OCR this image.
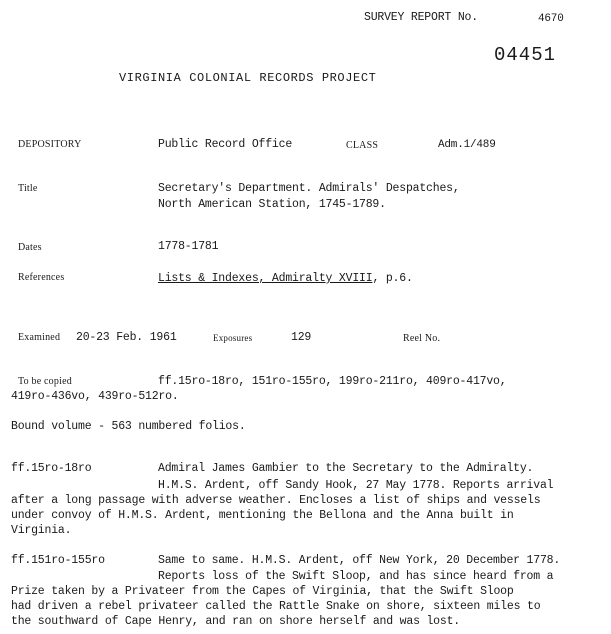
SURVEY REPORT No.	4670
04451
VIRGINIA COLONIAL RECORDS PROJECT
DEPOSITORY	Public Record Office	CLASS	Adm.1/489
Title	Secretary's Department. Admirals' Despatches,
North American Station, 1745-1789.
Dates	1778-1781
References	Lists & Indexes, Admiralty XVIII, p.6.
Examined 20-23 Feb. 1961	Exposures	129	Reel No.
To be copied	ff.15ro-18ro, 151ro-155ro, 199ro-211ro, 409ro-417vo,
419ro-436vo, 439ro-512ro.
Bound volume - 563 numbered folios.
ff.15ro-18ro	Admiral James Gambier to the Secretary to the Admiralty.
H.M.S. Ardent, off Sandy Hook, 27 May 1778. Reports arrival
after a long passage with adverse weather. Encloses a list of ships and vessels
under convoy of H.M.S. Ardent, mentioning the Bellona and the Anna built in
Virginia.
ff.151ro-155ro	Same to same. H.M.S. Ardent, off New York, 20 December 1778.
Reports loss of the Swift Sloop, and has since heard from a
Prize taken by a Privateer from the Capes of Virginia, that the Swift Sloop
had driven a rebel privateer called the Rattle Snake on shore, sixteen miles to
the southward of Cape Henry, and ran on shore herself and was lost.
